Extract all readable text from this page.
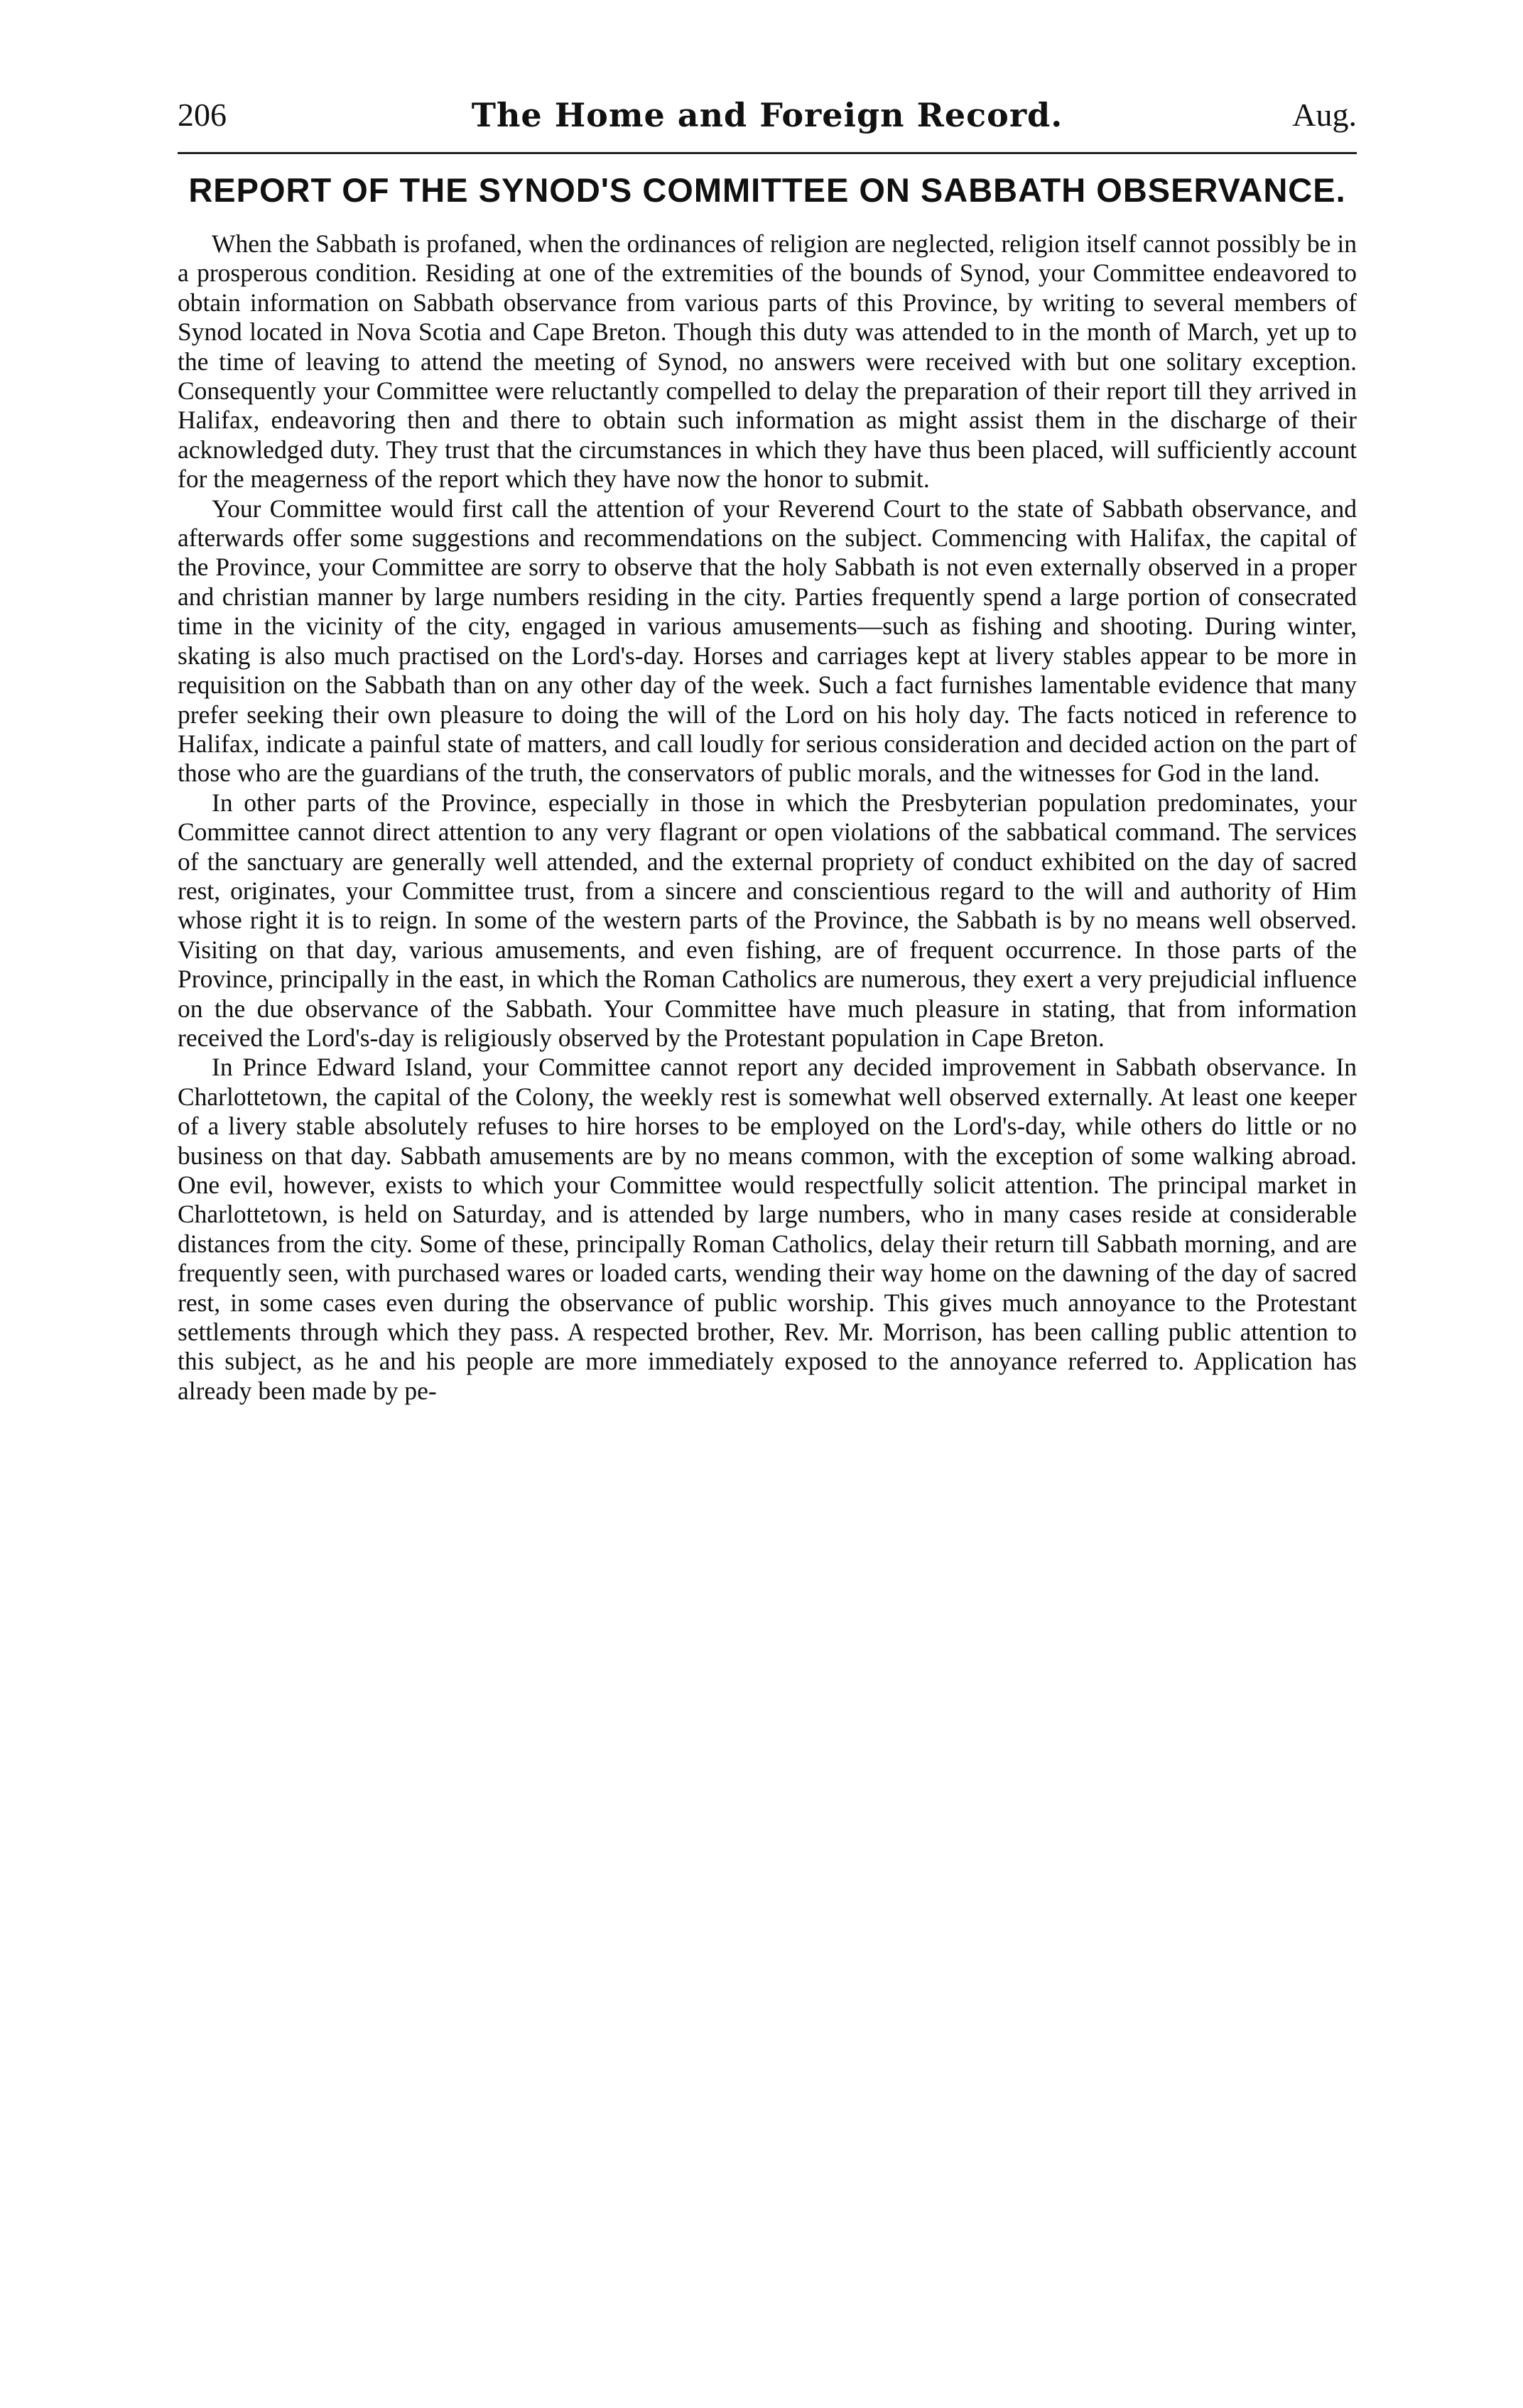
206	The Home and Foreign Record.	Aug.
REPORT OF THE SYNOD'S COMMITTEE ON SABBATH OBSERVANCE.

When the Sabbath is profaned, when the ordinances of religion are neglected, religion itself cannot possibly be in a prosperous condition. Residing at one of the extremities of the bounds of Synod, your Committee endeavored to obtain information on Sabbath observance from various parts of this Province, by writing to several members of Synod located in Nova Scotia and Cape Breton. Though this duty was attended to in the month of March, yet up to the time of leaving to attend the meeting of Synod, no answers were received with but one solitary exception. Consequently your Committee were reluctantly compelled to delay the preparation of their report till they arrived in Halifax, endeavoring then and there to obtain such information as might assist them in the discharge of their acknowledged duty. They trust that the circumstances in which they have thus been placed, will sufficiently account for the meagerness of the report which they have now the honor to submit.

Your Committee would first call the attention of your Reverend Court to the state of Sabbath observance, and afterwards offer some suggestions and recommendations on the subject. Commencing with Halifax, the capital of the Province, your Committee are sorry to observe that the holy Sabbath is not even externally observed in a proper and christian manner by large numbers residing in the city. Parties frequently spend a large portion of consecrated time in the vicinity of the city, engaged in various amusements—such as fishing and shooting. During winter, skating is also much practised on the Lord's-day. Horses and carriages kept at livery stables appear to be more in requisition on the Sabbath than on any other day of the week. Such a fact furnishes lamentable evidence that many prefer seeking their own pleasure to doing the will of the Lord on his holy day. The facts noticed in reference to Halifax, indicate a painful state of matters, and call loudly for serious consideration and decided action on the part of those who are the guardians of the truth, the conservators of public morals, and the witnesses for God in the land.

In other parts of the Province, especially in those in which the Presbyterian population predominates, your Committee cannot direct attention to any very flagrant or open violations of the sabbatical command. The services of the sanctuary are generally well attended, and the external propriety of conduct exhibited on the day of sacred rest, originates, your Committee trust, from a sincere and conscientious regard to the will and authority of Him whose right it is to reign. In some of the western parts of the Province, the Sabbath is by no means well observed. Visiting on that day, various amusements, and even fishing, are of frequent occurrence. In those parts of the Province, principally in the east, in which the Roman Catholics are numerous, they exert a very prejudicial influence on the due observance of the Sabbath. Your Committee have much pleasure in stating, that from information received the Lord's-day is religiously observed by the Protestant population in Cape Breton.

In Prince Edward Island, your Committee cannot report any decided improvement in Sabbath observance. In Charlottetown, the capital of the Colony, the weekly rest is somewhat well observed externally. At least one keeper of a livery stable absolutely refuses to hire horses to be employed on the Lord's-day, while others do little or no business on that day. Sabbath amusements are by no means common, with the exception of some walking abroad. One evil, however, exists to which your Committee would respectfully solicit attention. The principal market in Charlottetown, is held on Saturday, and is attended by large numbers, who in many cases reside at considerable distances from the city. Some of these, principally Roman Catholics, delay their return till Sabbath morning, and are frequently seen, with purchased wares or loaded carts, wending their way home on the dawning of the day of sacred rest, in some cases even during the observance of public worship. This gives much annoyance to the Protestant settlements through which they pass. A respected brother, Rev. Mr. Morrison, has been calling public attention to this subject, as he and his people are more immediately exposed to the annoyance referred to. Application has already been made by pe-
